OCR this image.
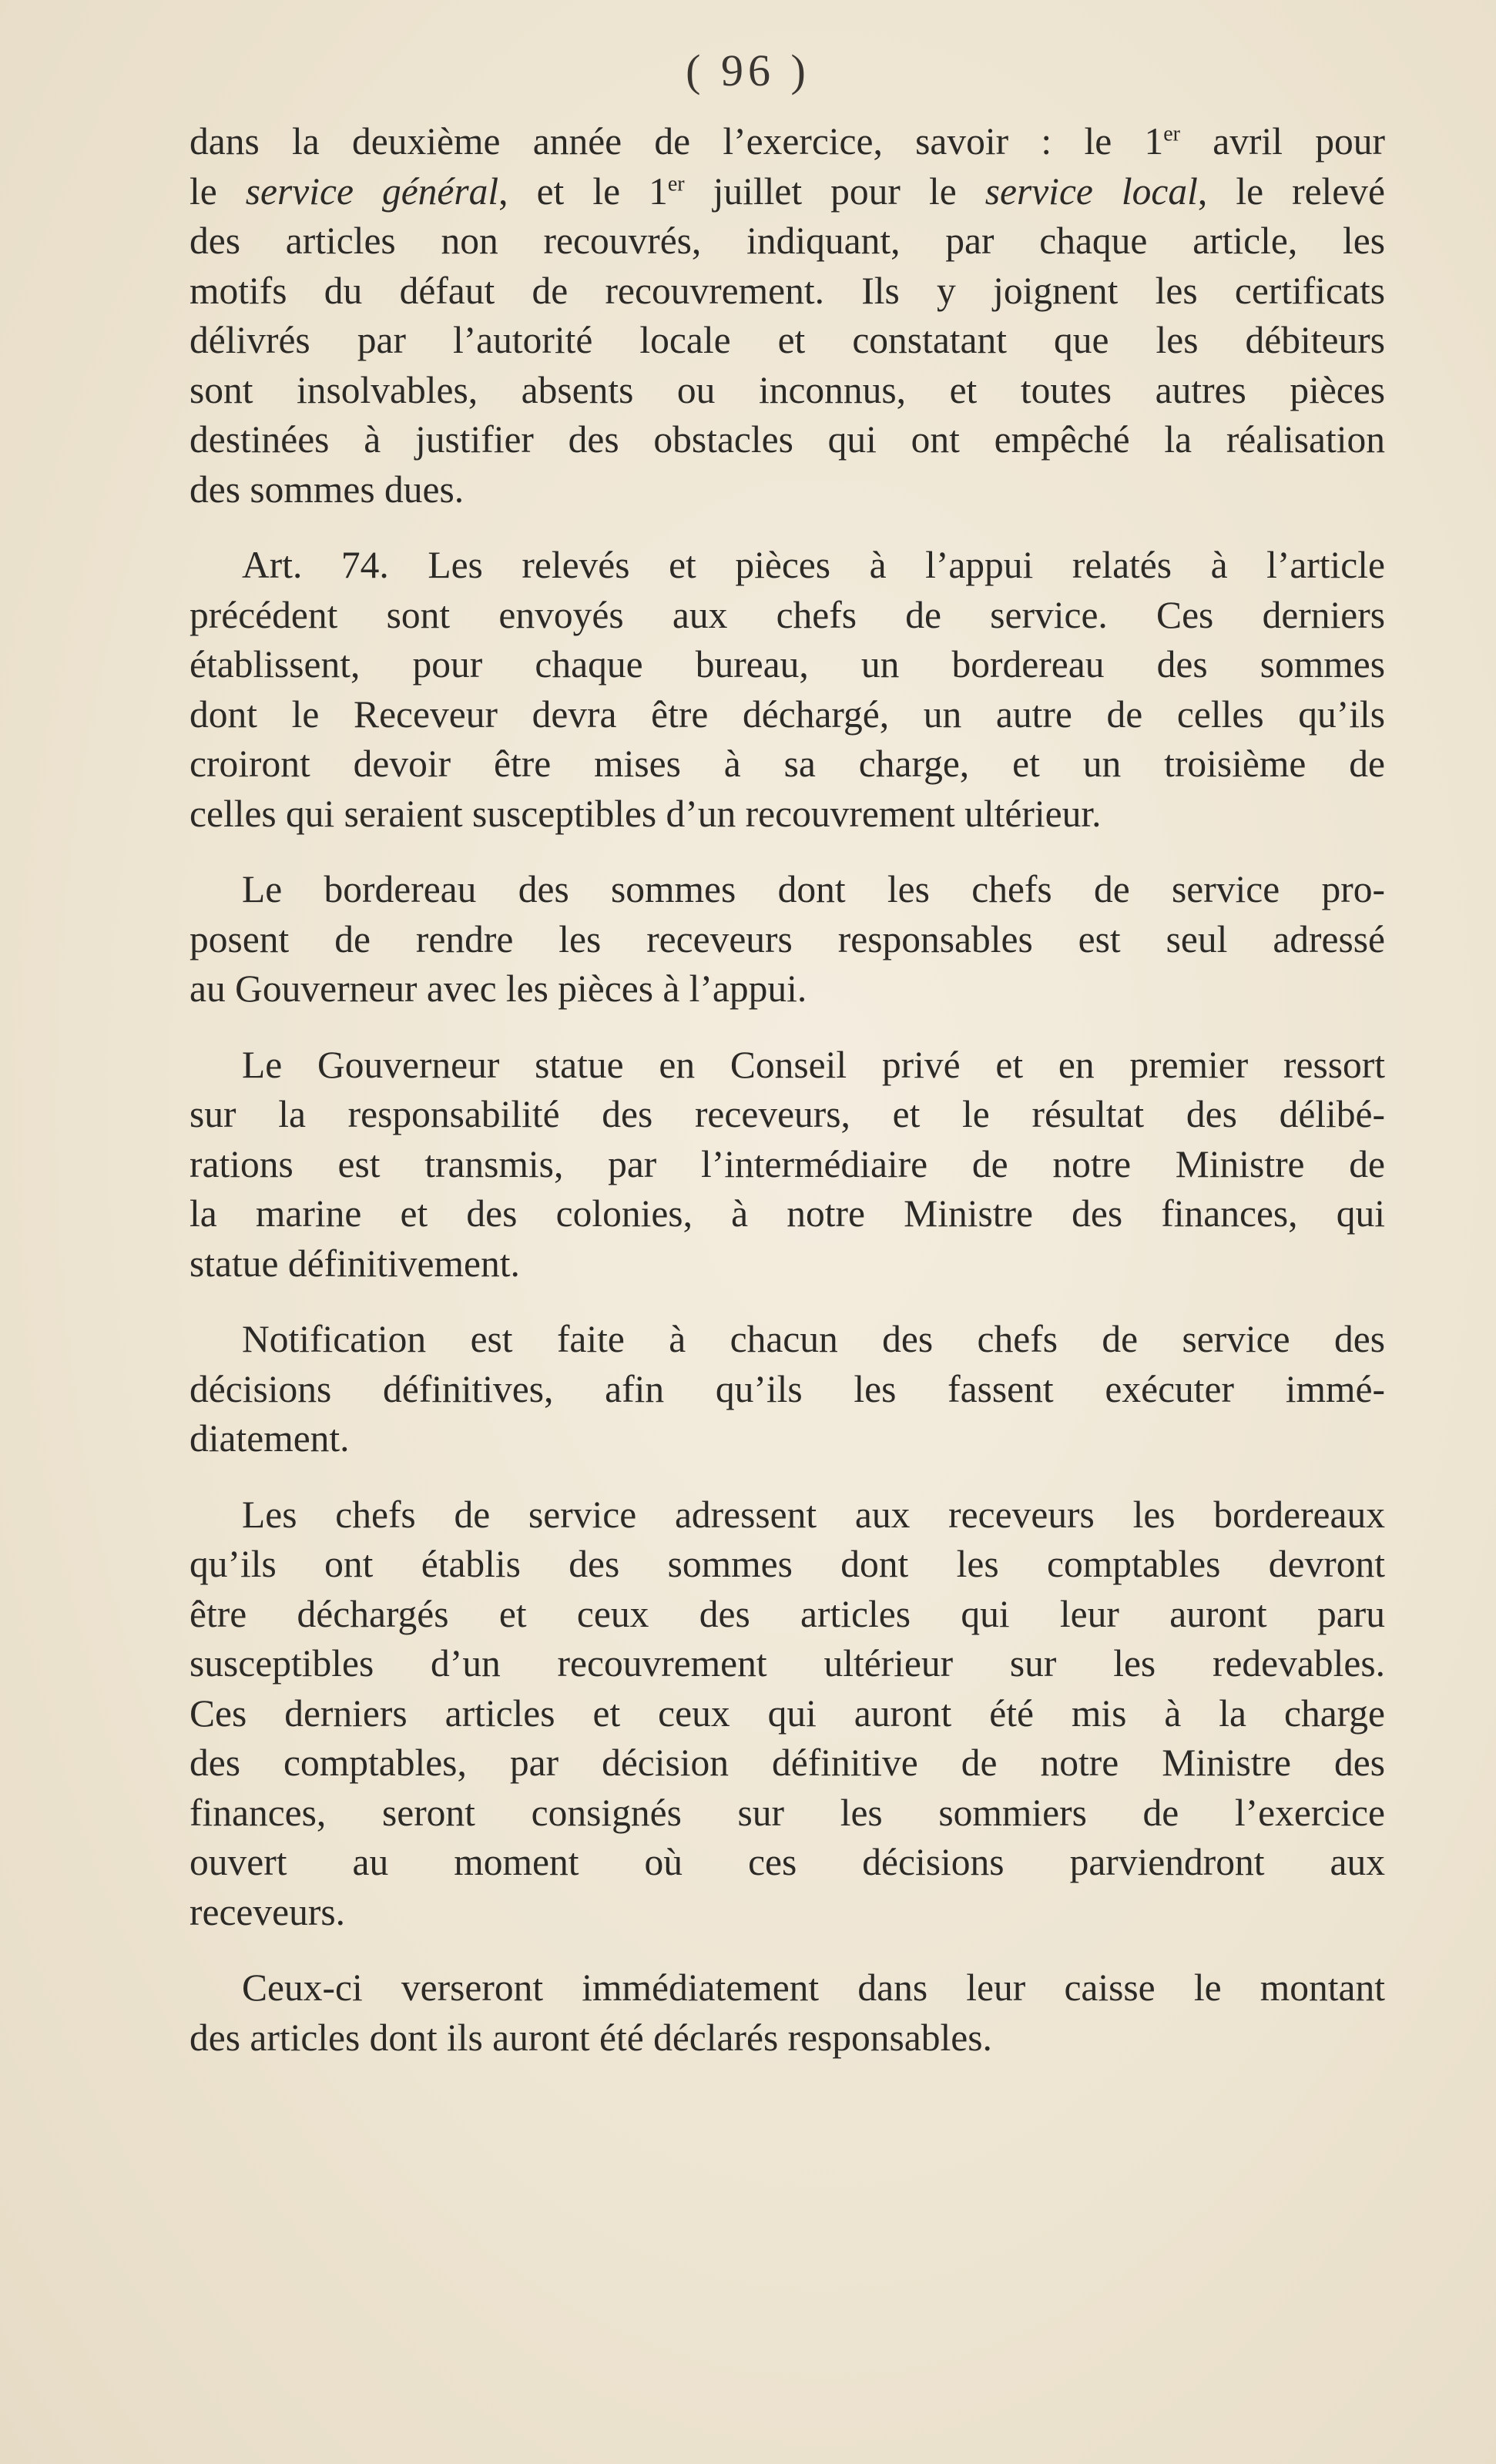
( 96 )
dans la deuxième année de l’exercice, savoir : le 1er avril pour
le service général, et le 1er juillet pour le service local, le relevé
des articles non recouvrés, indiquant, par chaque article, les
motifs du défaut de recouvrement. Ils y joignent les certificats
délivrés par l’autorité locale et constatant que les débiteurs
sont insolvables, absents ou inconnus, et toutes autres pièces
destinées à justifier des obstacles qui ont empêché la réalisation
des sommes dues.
Art. 74. Les relevés et pièces à l’appui relatés à l’article
précédent sont envoyés aux chefs de service. Ces derniers
établissent, pour chaque bureau, un bordereau des sommes
dont le Receveur devra être déchargé, un autre de celles qu’ils
croiront devoir être mises à sa charge, et un troisième de
celles qui seraient susceptibles d’un recouvrement ultérieur.
Le bordereau des sommes dont les chefs de service pro-
posent de rendre les receveurs responsables est seul adressé
au Gouverneur avec les pièces à l’appui.
Le Gouverneur statue en Conseil privé et en premier ressort
sur la responsabilité des receveurs, et le résultat des délibé-
rations est transmis, par l’intermédiaire de notre Ministre de
la marine et des colonies, à notre Ministre des finances, qui
statue définitivement.
Notification est faite à chacun des chefs de service des
décisions définitives, afin qu’ils les fassent exécuter immé-
diatement.
Les chefs de service adressent aux receveurs les bordereaux
qu’ils ont établis des sommes dont les comptables devront
être déchargés et ceux des articles qui leur auront paru
susceptibles d’un recouvrement ultérieur sur les redevables.
Ces derniers articles et ceux qui auront été mis à la charge
des comptables, par décision définitive de notre Ministre des
finances, seront consignés sur les sommiers de l’exercice
ouvert au moment où ces décisions parviendront aux
receveurs.
Ceux-ci verseront immédiatement dans leur caisse le montant
des articles dont ils auront été déclarés responsables.
